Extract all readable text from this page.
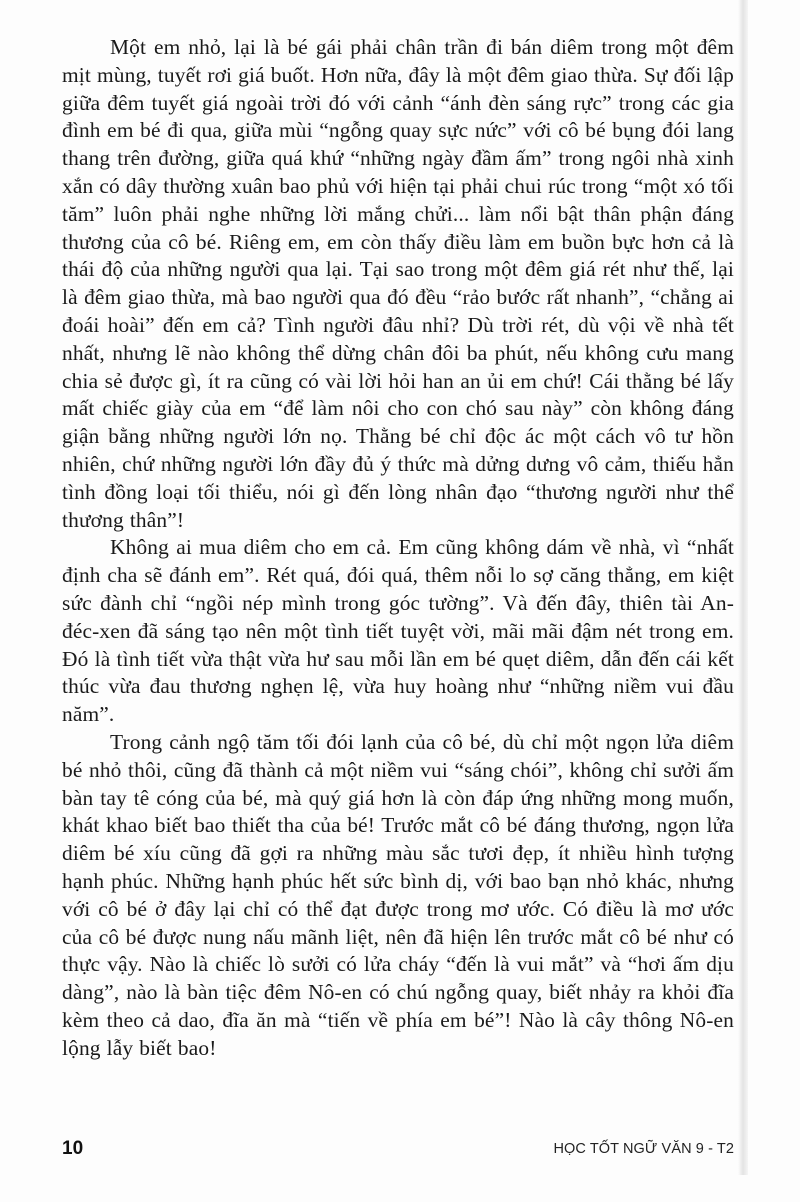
Một em nhỏ, lại là bé gái phải chân trần đi bán diêm trong một đêm mịt mùng, tuyết rơi giá buốt. Hơn nữa, đây là một đêm giao thừa. Sự đối lập giữa đêm tuyết giá ngoài trời đó với cảnh “ánh đèn sáng rực” trong các gia đình em bé đi qua, giữa mùi “ngỗng quay sực nức” với cô bé bụng đói lang thang trên đường, giữa quá khứ “những ngày đầm ấm” trong ngôi nhà xinh xắn có dây thường xuân bao phủ với hiện tại phải chui rúc trong “một xó tối tăm” luôn phải nghe những lời mắng chửi... làm nổi bật thân phận đáng thương của cô bé. Riêng em, em còn thấy điều làm em buồn bực hơn cả là thái độ của những người qua lại. Tại sao trong một đêm giá rét như thế, lại là đêm giao thừa, mà bao người qua đó đều “rảo bước rất nhanh”, “chẳng ai đoái hoài” đến em cả? Tình người đâu nhỉ? Dù trời rét, dù vội về nhà tết nhất, nhưng lẽ nào không thể dừng chân đôi ba phút, nếu không cưu mang chia sẻ được gì, ít ra cũng có vài lời hỏi han an ủi em chứ! Cái thằng bé lấy mất chiếc giày của em “để làm nôi cho con chó sau này” còn không đáng giận bằng những người lớn nọ. Thằng bé chỉ độc ác một cách vô tư hồn nhiên, chứ những người lớn đầy đủ ý thức mà dửng dưng vô cảm, thiếu hẳn tình đồng loại tối thiểu, nói gì đến lòng nhân đạo “thương người như thể thương thân”!

Không ai mua diêm cho em cả. Em cũng không dám về nhà, vì “nhất định cha sẽ đánh em”. Rét quá, đói quá, thêm nỗi lo sợ căng thẳng, em kiệt sức đành chỉ “ngồi nép mình trong góc tường”. Và đến đây, thiên tài An-đéc-xen đã sáng tạo nên một tình tiết tuyệt vời, mãi mãi đậm nét trong em. Đó là tình tiết vừa thật vừa hư sau mỗi lần em bé quẹt diêm, dẫn đến cái kết thúc vừa đau thương nghẹn lệ, vừa huy hoàng như “những niềm vui đầu năm”.

Trong cảnh ngộ tăm tối đói lạnh của cô bé, dù chỉ một ngọn lửa diêm bé nhỏ thôi, cũng đã thành cả một niềm vui “sáng chói”, không chỉ sưởi ấm bàn tay tê cóng của bé, mà quý giá hơn là còn đáp ứng những mong muốn, khát khao biết bao thiết tha của bé! Trước mắt cô bé đáng thương, ngọn lửa diêm bé xíu cũng đã gợi ra những màu sắc tươi đẹp, ít nhiều hình tượng hạnh phúc. Những hạnh phúc hết sức bình dị, với bao bạn nhỏ khác, nhưng với cô bé ở đây lại chỉ có thể đạt được trong mơ ước. Có điều là mơ ước của cô bé được nung nấu mãnh liệt, nên đã hiện lên trước mắt cô bé như có thực vậy. Nào là chiếc lò sưởi có lửa cháy “đến là vui mắt” và “hơi ấm dịu dàng”, nào là bàn tiệc đêm Nô-en có chú ngỗng quay, biết nhảy ra khỏi đĩa kèm theo cả dao, đĩa ăn mà “tiến về phía em bé”! Nào là cây thông Nô-en lộng lẫy biết bao!

10	HỌC TỐT NGỮ VĂN 9 - T2
